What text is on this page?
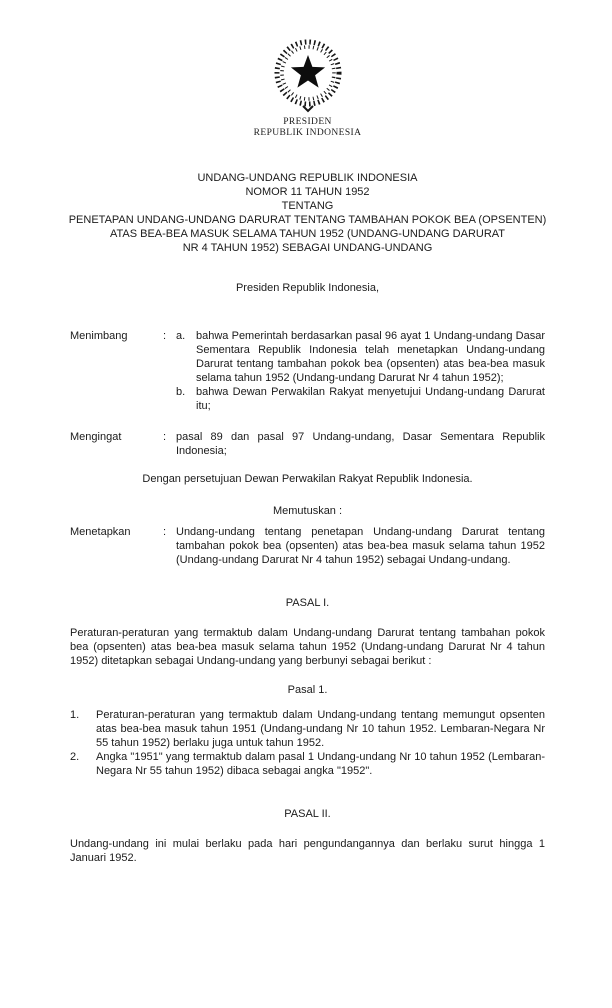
PRESIDEN
REPUBLIK INDONESIA
UNDANG-UNDANG REPUBLIK INDONESIA
NOMOR 11 TAHUN 1952
TENTANG
PENETAPAN UNDANG-UNDANG DARURAT TENTANG TAMBAHAN POKOK BEA (OPSENTEN)
ATAS BEA-BEA MASUK SELAMA TAHUN 1952 (UNDANG-UNDANG DARURAT
NR 4 TAHUN 1952) SEBAGAI UNDANG-UNDANG
Presiden Republik Indonesia,
Menimbang	: a. bahwa Pemerintah berdasarkan pasal 96 ayat 1 Undang-undang Dasar Sementara Republik Indonesia telah menetapkan Undang-undang Darurat tentang tambahan pokok bea (opsenten) atas bea-bea masuk selama tahun 1952 (Undang-undang Darurat Nr 4 tahun 1952);
b. bahwa Dewan Perwakilan Rakyat menyetujui Undang-undang Darurat itu;
Mengingat	: pasal 89 dan pasal 97 Undang-undang, Dasar Sementara Republik Indonesia;
Dengan persetujuan Dewan Perwakilan Rakyat Republik Indonesia.
Memutuskan :
Menetapkan	: Undang-undang tentang penetapan Undang-undang Darurat tentang tambahan pokok bea (opsenten) atas bea-bea masuk selama tahun 1952 (Undang-undang Darurat Nr 4 tahun 1952) sebagai Undang-undang.
PASAL I.
Peraturan-peraturan yang termaktub dalam Undang-undang Darurat tentang tambahan pokok bea (opsenten) atas bea-bea masuk selama tahun 1952 (Undang-undang Darurat Nr 4 tahun 1952) ditetapkan sebagai Undang-undang yang berbunyi sebagai berikut :
Pasal 1.
1.	Peraturan-peraturan yang termaktub dalam Undang-undang tentang memungut opsenten atas bea-bea masuk tahun 1951 (Undang-undang Nr 10 tahun 1952. Lembaran-Negara Nr 55 tahun 1952) berlaku juga untuk tahun 1952.
2.	Angka "1951" yang termaktub dalam pasal 1 Undang-undang Nr 10 tahun 1952 (Lembaran-Negara Nr 55 tahun 1952) dibaca sebagai angka "1952".
PASAL II.
Undang-undang ini mulai berlaku pada hari pengundangannya dan berlaku surut hingga 1 Januari 1952.
